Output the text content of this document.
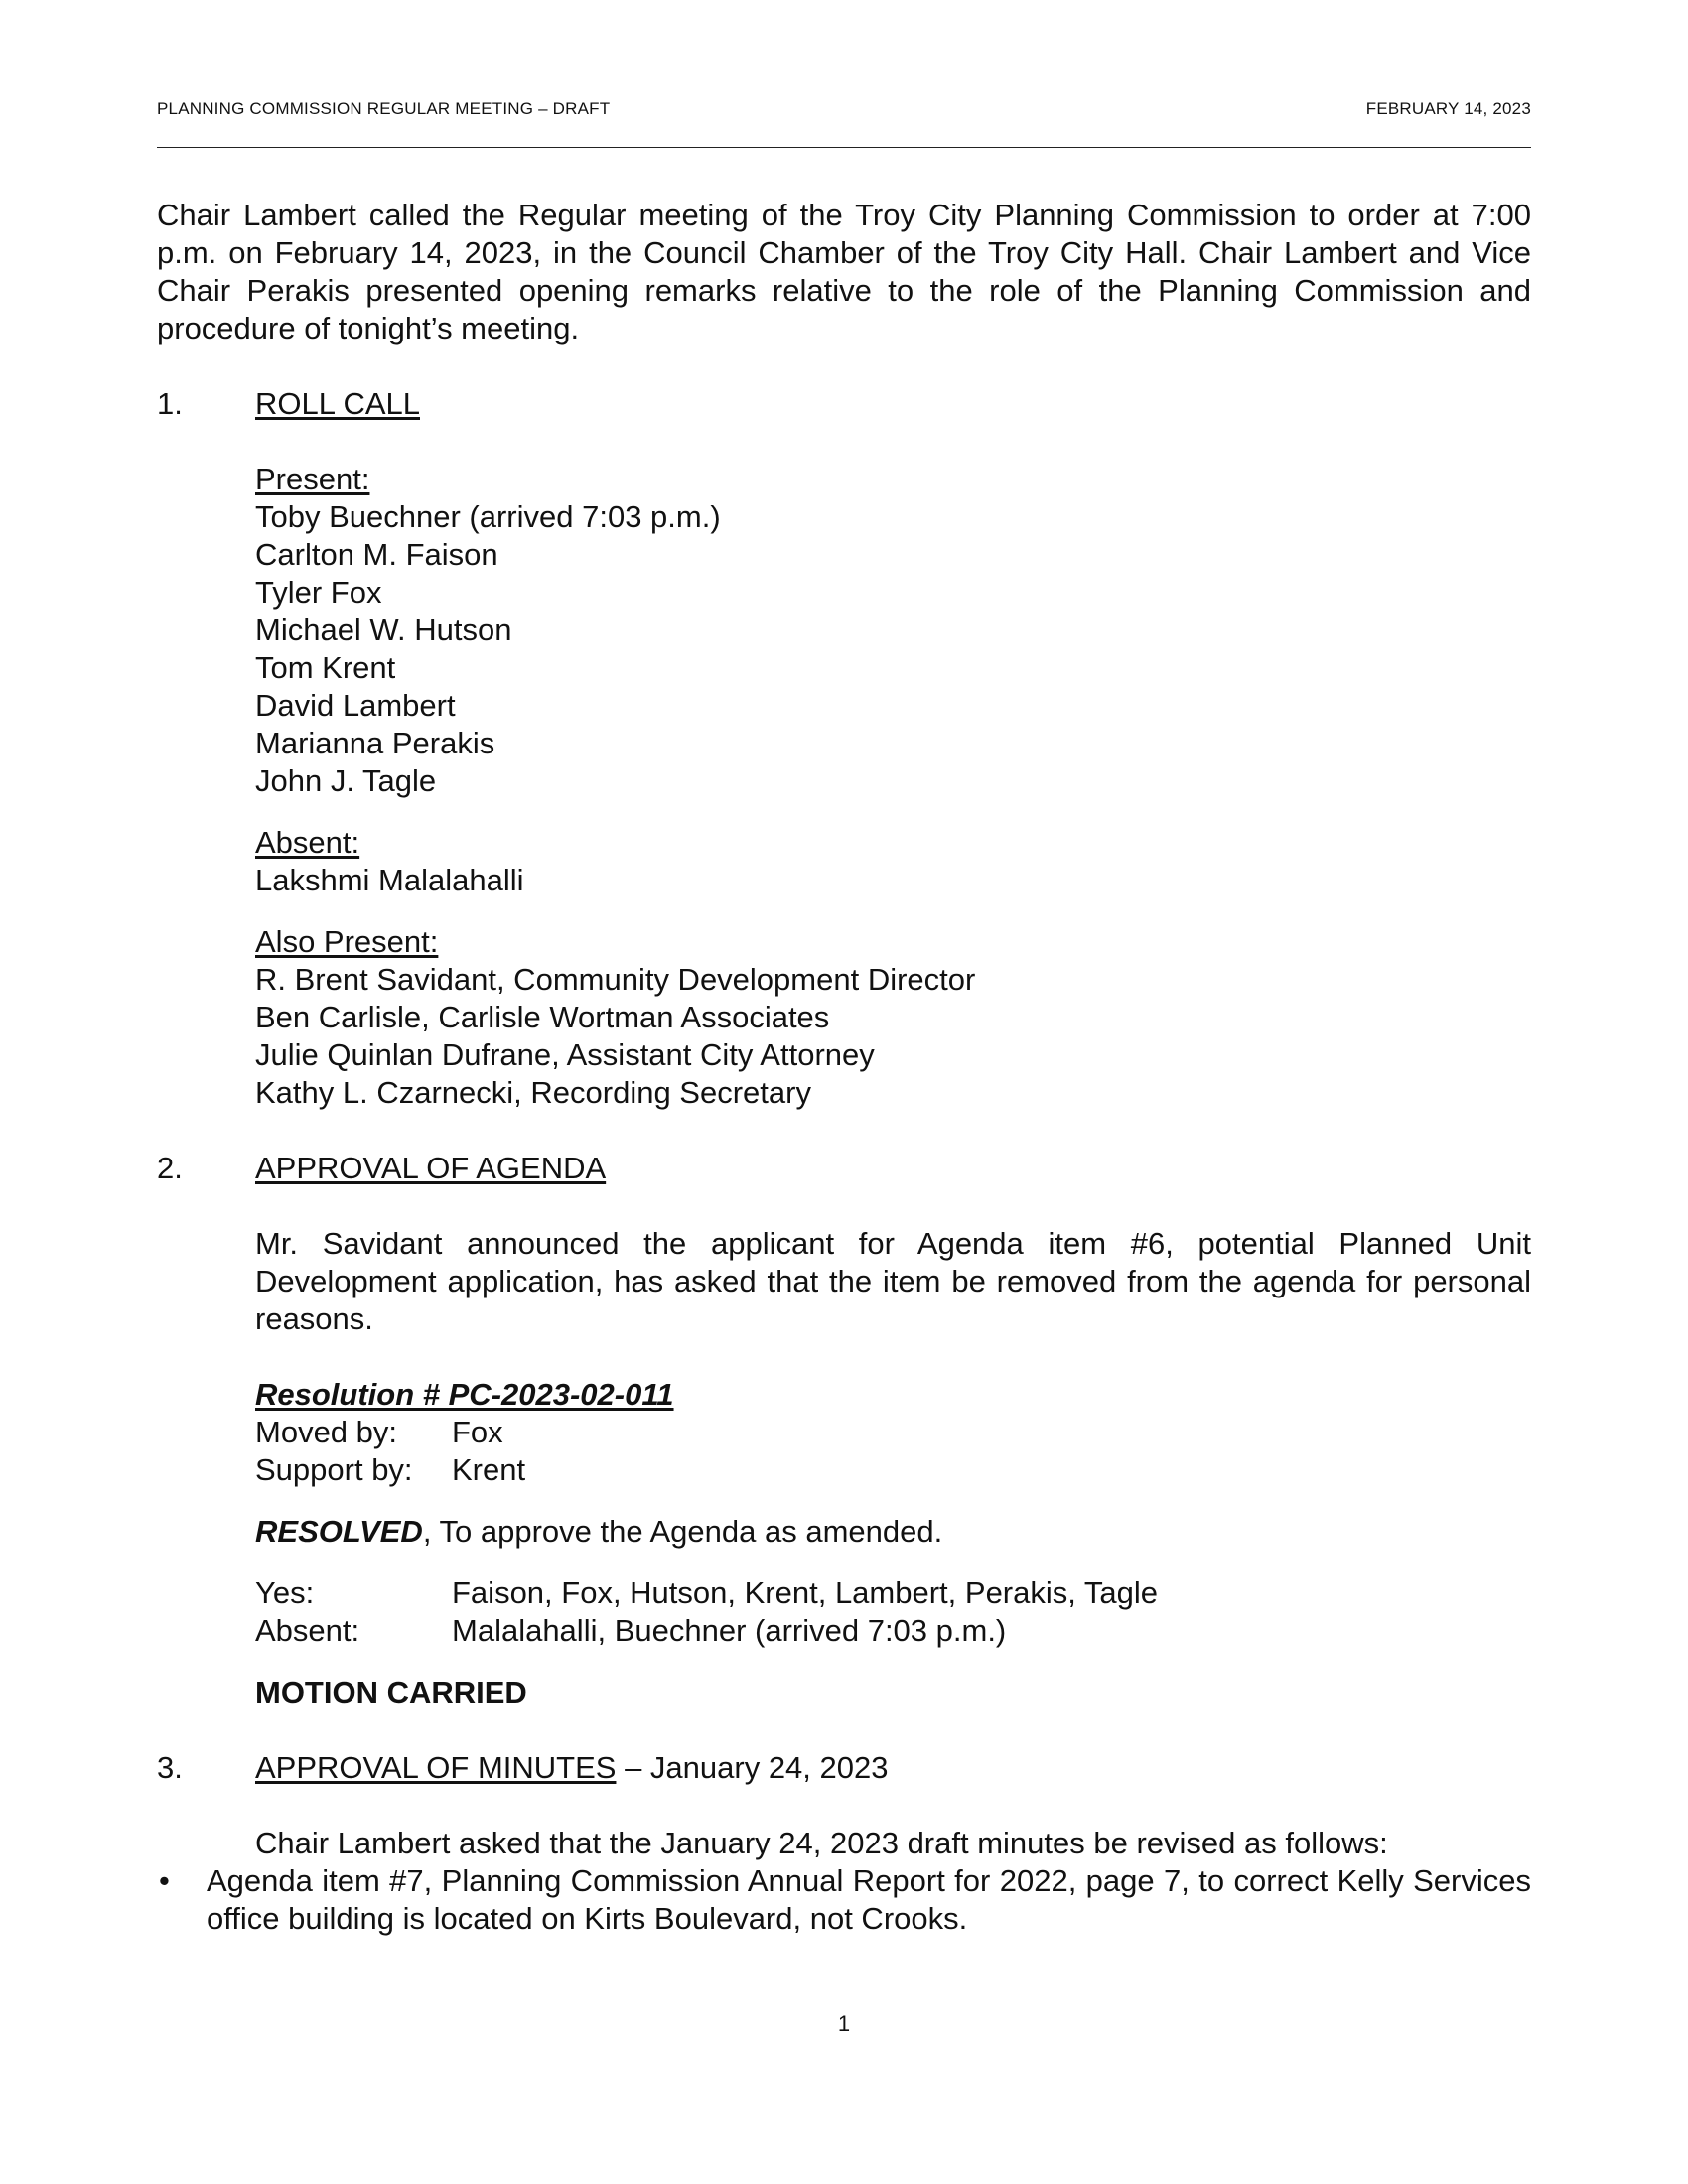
PLANNING COMMISSION REGULAR MEETING – DRAFT	FEBRUARY 14, 2023

Chair Lambert called the Regular meeting of the Troy City Planning Commission to order at 7:00 p.m. on February 14, 2023, in the Council Chamber of the Troy City Hall. Chair Lambert and Vice Chair Perakis presented opening remarks relative to the role of the Planning Commission and procedure of tonight’s meeting.

1.	ROLL CALL
Present:
Toby Buechner (arrived 7:03 p.m.)
Carlton M. Faison
Tyler Fox
Michael W. Hutson
Tom Krent
David Lambert
Marianna Perakis
John J. Tagle
Absent:
Lakshmi Malalahalli
Also Present:
R. Brent Savidant, Community Development Director
Ben Carlisle, Carlisle Wortman Associates
Julie Quinlan Dufrane, Assistant City Attorney
Kathy L. Czarnecki, Recording Secretary
2.	APPROVAL OF AGENDA

Mr. Savidant announced the applicant for Agenda item #6, potential Planned Unit Development application, has asked that the item be removed from the agenda for personal reasons.

Resolution # PC-2023-02-011
Moved by:	Fox
Support by:	Krent

RESOLVED, To approve the Agenda as amended.

Yes:	Faison, Fox, Hutson, Krent, Lambert, Perakis, Tagle
Absent:	Malalahalli, Buechner (arrived 7:03 p.m.)

MOTION CARRIED

3.	APPROVAL OF MINUTES – January 24, 2023

Chair Lambert asked that the January 24, 2023 draft minutes be revised as follows:

• Agenda item #7, Planning Commission Annual Report for 2022, page 7, to correct Kelly Services office building is located on Kirts Boulevard, not Crooks.
1
